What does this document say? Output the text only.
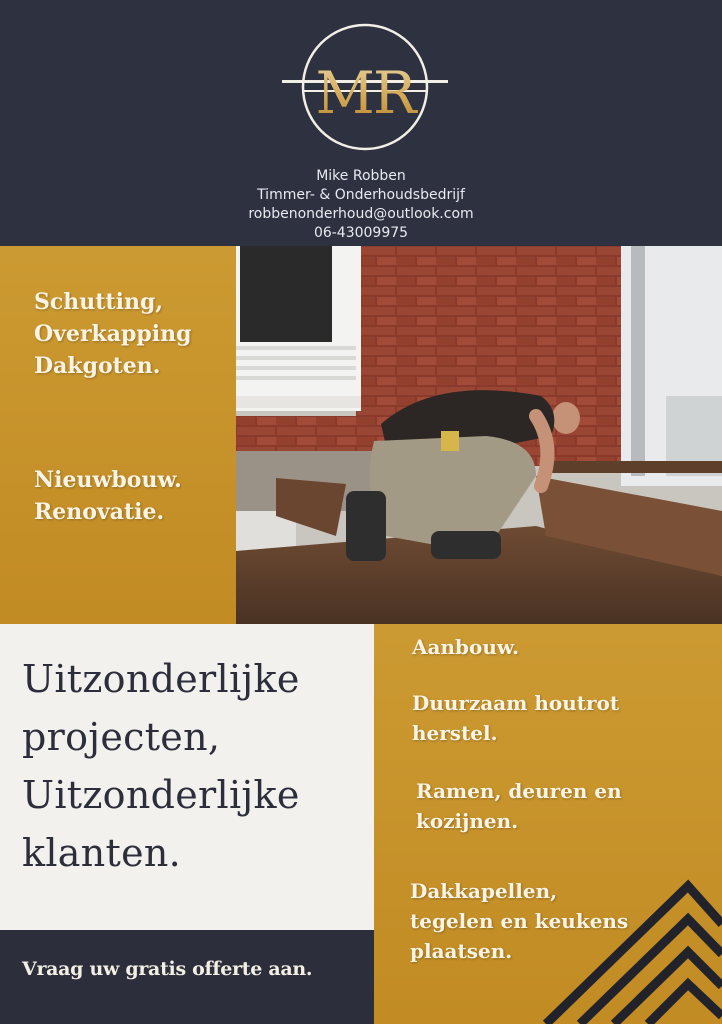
MR
Mike Robben
Timmer- & Onderhoudsbedrijf
robbenonderhoud@outlook.com
06-43009975
Schutting,
Overkapping
Dakgoten.
Nieuwbouw.
Renovatie.
Uitzonderlijke
projecten,
Uitzonderlijke
klanten.
Vraag uw gratis offerte aan.
Aanbouw.
Duurzaam houtrot
herstel.
Ramen, deuren en
kozijnen.
Dakkapellen,
tegelen en keukens
plaatsen.
